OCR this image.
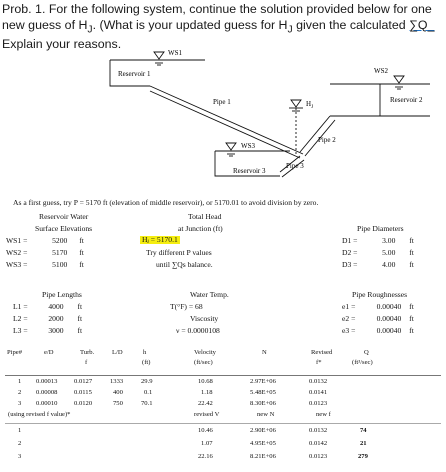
Prob. 1. For the following system, continue the solution provided below for one

new guess of $H_J$. (What is your updated guess for $H_J$ given the calculated ∑Q_

Explain your reasons.

WS1
Reservoir 1
Pipe 1
WS2
Reservoir 2
Pipe 2
$H_J$
WS3
Reservoir 3
Pipe 3
As a first guess, try P = 5170 ft (elevation of middle reservoir), or 5170.01 to avoid division by zero.
Reservoir Water
Surface Elevations
WS1 =	5200 ft
WS2 =	5170 ft
WS3 =	5100 ft
Total Head
at Junction (ft)
Hⱼ = 5170.1
Try different P values
until ∑Qs balance.
Pipe Diameters
D1 =	3.00 ft
D2 =	5.00 ft
D3 =	4.00 ft
Pipe Lengths
L1 =	4000 ft
L2 =	2000 ft
L3 =	3000 ft
Water Temp.
T(°F) = 68
Viscosity
ν = 0.0000108
Pipe Roughnesses
e1 =	0.00040 ft
e2 =	0.00040 ft
e3 =	0.00040 ft
Pipe#	e/D	Turb.	L/D	h	Velocity	N	Revised	Q
f	(ft)	(ft/sec)	f*	(ft³/sec)
1 0.00013	0.0127	1333	29.9	10.68	2.97E+06	0.0132
2 0.00008	0.0115	400	0.1	1.18	5.48E+05	0.0141
3 0.00010	0.0120	750	70.1	22.42	8.30E+06	0.0123
(using revised f value)*	revised V	new N	new f
1	10.46	2.90E+06	0.0132	74
2	1.07	4.95E+05	0.0142	21
3	22.16	8.21E+06	0.0123	279
